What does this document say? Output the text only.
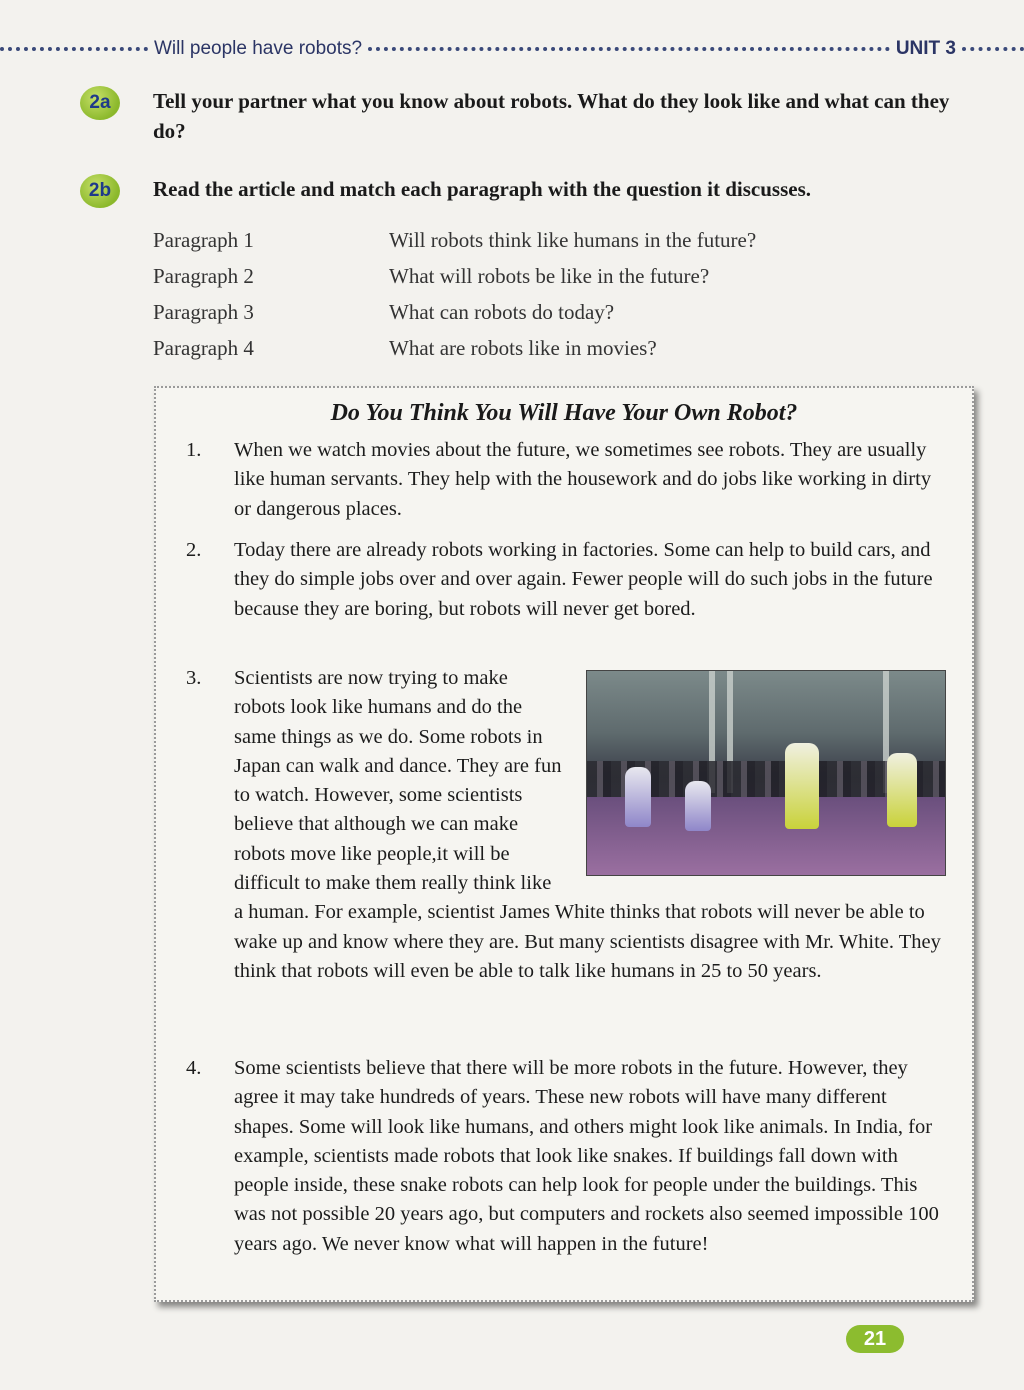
Will people have robots?	UNIT 3
2a	Tell your partner what you know about robots. What do they look like and what can they do?
2b	Read the article and match each paragraph with the question it discusses.
Paragraph 1	Will robots think like humans in the future?
Paragraph 2	What will robots be like in the future?
Paragraph 3	What can robots do today?
Paragraph 4	What are robots like in movies?
Do You Think You Will Have Your Own Robot?
1. When we watch movies about the future, we sometimes see robots. They are usually like human servants. They help with the housework and do jobs like working in dirty or dangerous places.
2. Today there are already robots working in factories. Some can help to build cars, and they do simple jobs over and over again. Fewer people will do such jobs in the future because they are boring, but robots will never get bored.
3. Scientists are now trying to make robots look like humans and do the same things as we do. Some robots in Japan can walk and dance. They are fun to watch. However, some scientists believe that although we can make robots move like people,it will be difficult to make them really think like a human. For example, scientist James White thinks that robots will never be able to wake up and know where they are. But many scientists disagree with Mr. White. They think that robots will even be able to talk like humans in 25 to 50 years.
4. Some scientists believe that there will be more robots in the future. However, they agree it may take hundreds of years. These new robots will have many different shapes. Some will look like humans, and others might look like animals. In India, for example, scientists made robots that look like snakes. If buildings fall down with people inside, these snake robots can help look for people under the buildings. This was not possible 20 years ago, but computers and rockets also seemed impossible 100 years ago. We never know what will happen in the future!
21
